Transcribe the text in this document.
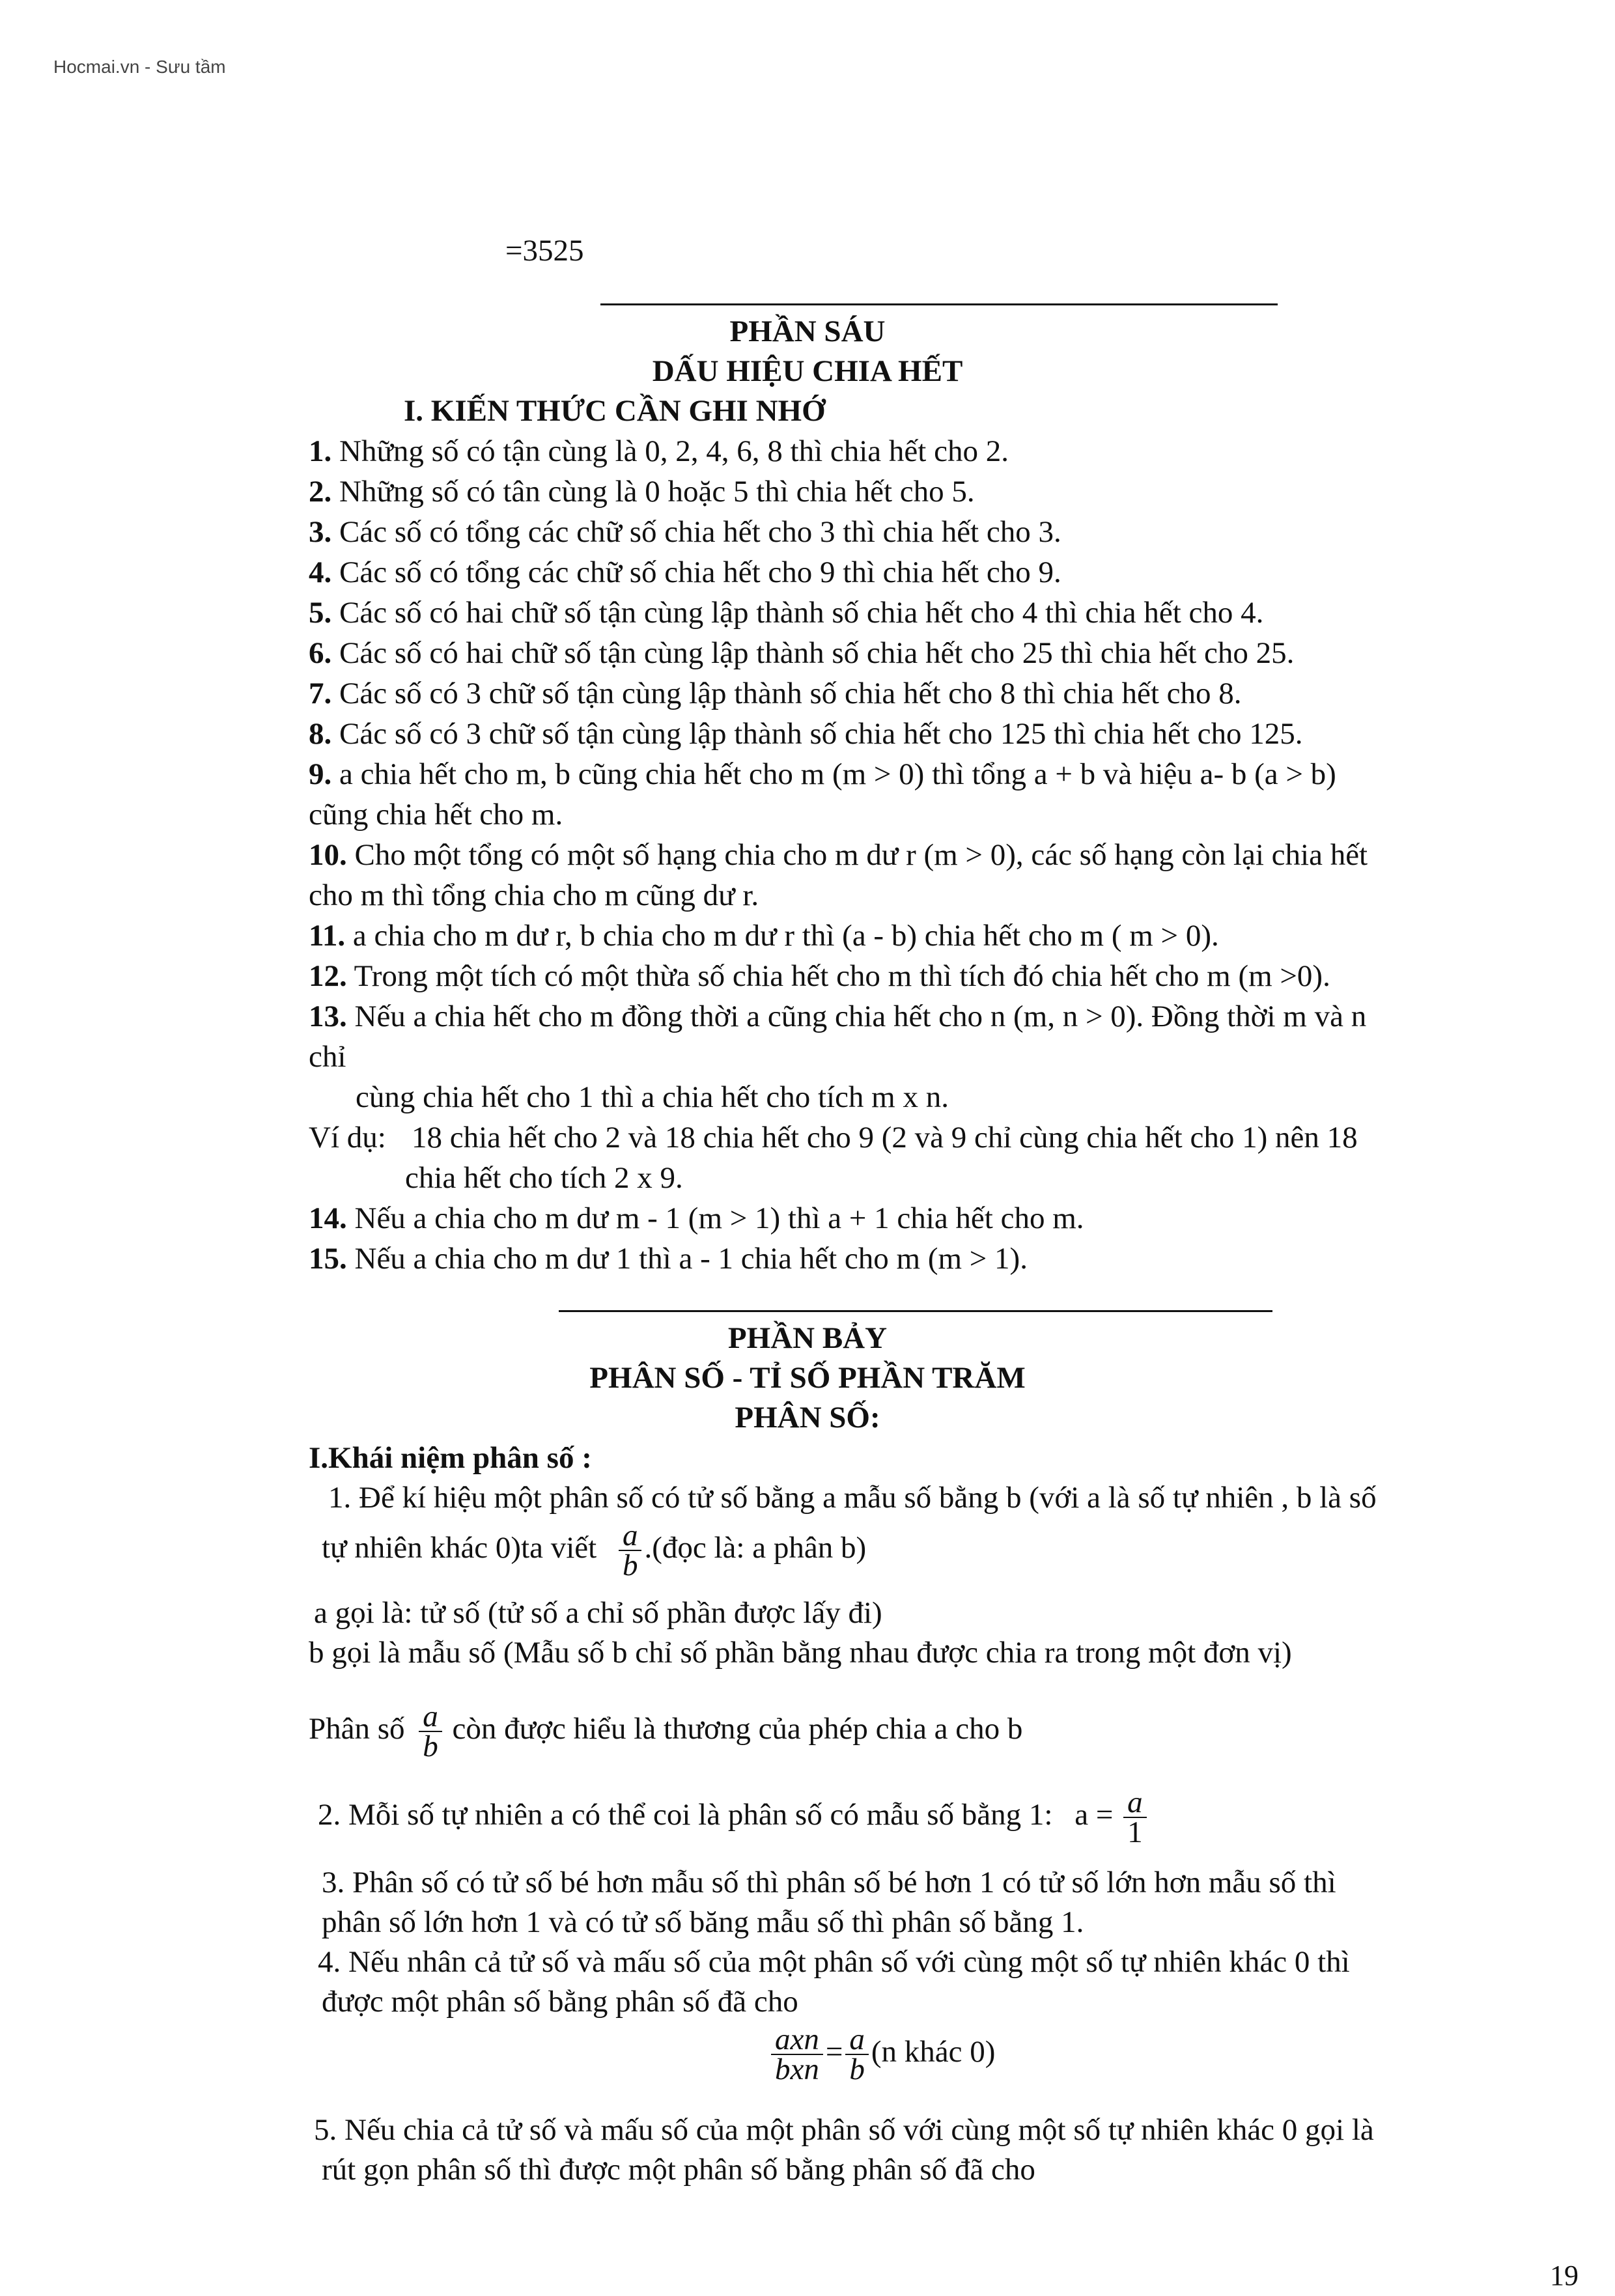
Hocmai.vn - Sưu tầm
=3525
PHẦN SÁU
DẤU HIỆU CHIA HẾT
I. KIẾN THỨC CẦN GHI NHỚ
1. Những số có tận cùng là 0, 2, 4, 6, 8 thì chia hết cho 2.
2. Những số có tân cùng là 0 hoặc 5 thì chia hết cho 5.
3. Các số có tổng các chữ số chia hết cho 3 thì chia hết cho 3.
4. Các số có tổng các chữ số chia hết cho 9 thì chia hết cho 9.
5. Các số có hai chữ số tận cùng lập thành số chia hết cho 4 thì chia hết cho 4.
6. Các số có hai chữ số tận cùng lập thành số chia hết cho 25 thì chia hết cho 25.
7. Các số có 3 chữ số tận cùng lập thành số chia hết cho 8 thì chia hết cho 8.
8. Các số có 3 chữ số tận cùng lập thành số chia hết cho 125 thì chia hết cho 125.
9. a chia hết cho m, b cũng chia hết cho m (m > 0) thì tổng a + b và hiệu a- b (a > b)
cũng chia hết cho m.
10. Cho một tổng có một số hạng chia cho m dư r (m > 0), các số hạng còn lại chia hết
cho m thì tổng chia cho m cũng dư r.
11. a chia cho m dư r, b chia cho m dư r thì (a - b) chia hết cho m ( m > 0).
12. Trong một tích có một thừa số chia hết cho m thì tích đó chia hết cho m (m >0).
13. Nếu a chia hết cho m đồng thời a cũng chia hết cho n (m, n > 0). Đồng thời m và n
chỉ
cùng chia hết cho 1 thì a chia hết cho tích m x n.
Ví dụ: 18 chia hết cho 2 và 18 chia hết cho 9 (2 và 9 chỉ cùng chia hết cho 1) nên 18
chia hết cho tích 2 x 9.
14. Nếu a chia cho m dư m - 1 (m > 1) thì a + 1 chia hết cho m.
15. Nếu a chia cho m dư 1 thì a - 1 chia hết cho m (m > 1).
PHẦN BẢY
PHÂN SỐ - TỈ SỐ PHẦN TRĂM
PHÂN SỐ:
I.Khái niệm phân số :
1. Để kí hiệu một phân số có tử số bằng a mẫu số bằng b (với a là số tự nhiên , b là số
tự nhiên khác 0)ta viết $\frac{a}{b}$ .(đọc là: a phân b)
a gọi là: tử số (tử số a chỉ số phần được lấy đi)
b gọi là mẫu số (Mẫu số b chỉ số phần bằng nhau được chia ra trong một đơn vị)
Phân số $\frac{a}{b}$ còn được hiểu là thương của phép chia a cho b
2. Mỗi số tự nhiên a có thể coi là phân số có mẫu số bằng 1: $a = \frac{a}{1}$
3. Phân số có tử số bé hơn mẫu số thì phân số bé hơn 1 có tử số lớn hơn mẫu số thì
phân số lớn hơn 1 và có tử số băng mẫu số thì phân số bằng 1.
4. Nếu nhân cả tử số và mấu số của một phân số với cùng một số tự nhiên khác 0 thì
được một phân số bằng phân số đã cho
$\frac{\text{axn}}{\text{bxn}} = \frac{a}{b} (n$ khác 0)
5. Nếu chia cả tử số và mấu số của một phân số với cùng một số tự nhiên khác 0 gọi là
rút gọn phân số thì được một phân số bằng phân số đã cho
19
